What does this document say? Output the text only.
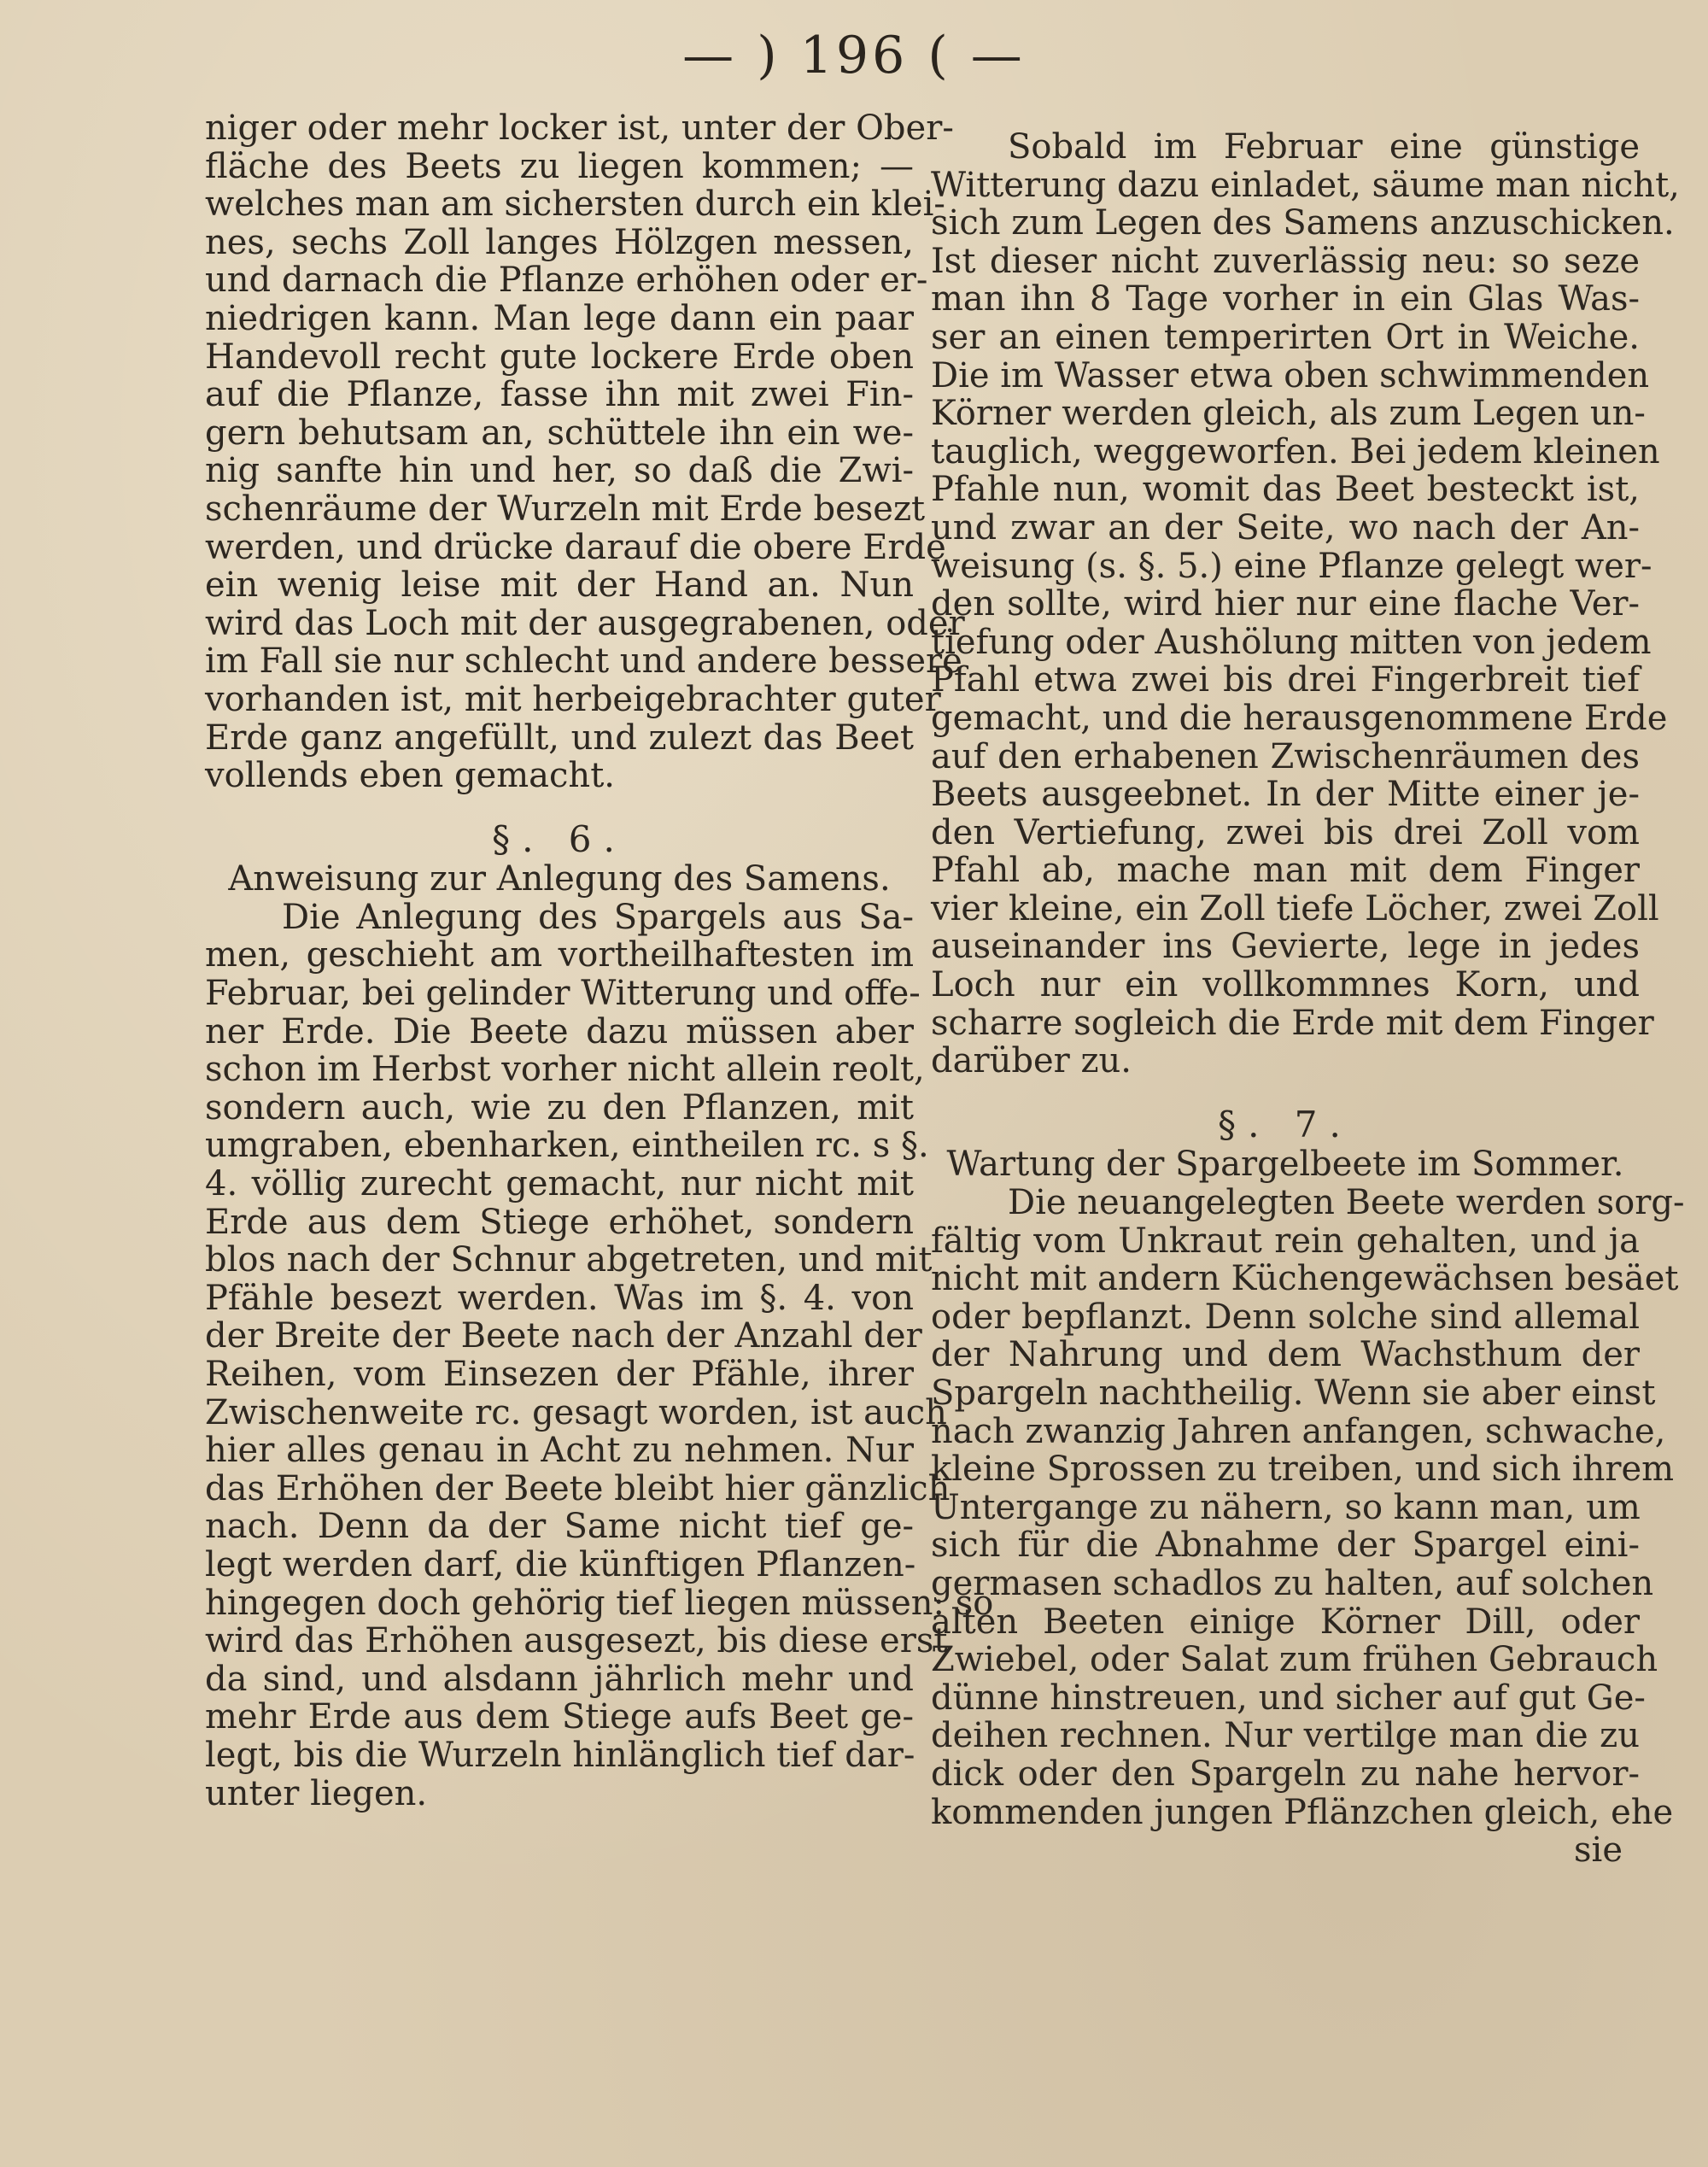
— ) 196 ( —
niger oder mehr locker ist, unter der Ober-
fläche des Beets zu liegen kommen; —
welches man am sichersten durch ein klei-
nes, sechs Zoll langes Hölzgen messen,
und darnach die Pflanze erhöhen oder er-
niedrigen kann. Man lege dann ein paar
Handevoll recht gute lockere Erde oben
auf die Pflanze, fasse ihn mit zwei Fin-
gern behutsam an, schüttele ihn ein we-
nig sanfte hin und her, so daß die Zwi-
schenräume der Wurzeln mit Erde besezt
werden, und drücke darauf die obere Erde
ein wenig leise mit der Hand an. Nun
wird das Loch mit der ausgegrabenen, oder
im Fall sie nur schlecht und andere bessere
vorhanden ist, mit herbeigebrachter guter
Erde ganz angefüllt, und zulezt das Beet
vollends eben gemacht.
§. 6.
Anweisung zur Anlegung des Samens.
Die Anlegung des Spargels aus Sa-
men, geschieht am vortheilhaftesten im
Februar, bei gelinder Witterung und offe-
ner Erde. Die Beete dazu müssen aber
schon im Herbst vorher nicht allein reolt,
sondern auch, wie zu den Pflanzen, mit
umgraben, ebenharken, eintheilen rc. s §.
4. völlig zurecht gemacht, nur nicht mit
Erde aus dem Stiege erhöhet, sondern
blos nach der Schnur abgetreten, und mit
Pfähle besezt werden. Was im §. 4. von
der Breite der Beete nach der Anzahl der
Reihen, vom Einsezen der Pfähle, ihrer
Zwischenweite rc. gesagt worden, ist auch
hier alles genau in Acht zu nehmen. Nur
das Erhöhen der Beete bleibt hier gänzlich
nach. Denn da der Same nicht tief ge-
legt werden darf, die künftigen Pflanzen-
hingegen doch gehörig tief liegen müssen: so
wird das Erhöhen ausgesezt, bis diese erst
da sind, und alsdann jährlich mehr und
mehr Erde aus dem Stiege aufs Beet ge-
legt, bis die Wurzeln hinlänglich tief dar-
unter liegen.
Sobald im Februar eine günstige
Witterung dazu einladet, säume man nicht,
sich zum Legen des Samens anzuschicken.
Ist dieser nicht zuverlässig neu: so seze
man ihn 8 Tage vorher in ein Glas Was-
ser an einen temperirten Ort in Weiche.
Die im Wasser etwa oben schwimmenden
Körner werden gleich, als zum Legen un-
tauglich, weggeworfen. Bei jedem kleinen
Pfahle nun, womit das Beet besteckt ist,
und zwar an der Seite, wo nach der An-
weisung (s. §. 5.) eine Pflanze gelegt wer-
den sollte, wird hier nur eine flache Ver-
tiefung oder Aushölung mitten von jedem
Pfahl etwa zwei bis drei Fingerbreit tief
gemacht, und die herausgenommene Erde
auf den erhabenen Zwischenräumen des
Beets ausgeebnet. In der Mitte einer je-
den Vertiefung, zwei bis drei Zoll vom
Pfahl ab, mache man mit dem Finger
vier kleine, ein Zoll tiefe Löcher, zwei Zoll
auseinander ins Gevierte, lege in jedes
Loch nur ein vollkommnes Korn, und
scharre sogleich die Erde mit dem Finger
darüber zu.
§. 7.
Wartung der Spargelbeete im Sommer.
Die neuangelegten Beete werden sorg-
fältig vom Unkraut rein gehalten, und ja
nicht mit andern Küchengewächsen besäet
oder bepflanzt. Denn solche sind allemal
der Nahrung und dem Wachsthum der
Spargeln nachtheilig. Wenn sie aber einst
nach zwanzig Jahren anfangen, schwache,
kleine Sprossen zu treiben, und sich ihrem
Untergange zu nähern, so kann man, um
sich für die Abnahme der Spargel eini-
germasen schadlos zu halten, auf solchen
alten Beeten einige Körner Dill, oder
Zwiebel, oder Salat zum frühen Gebrauch
dünne hinstreuen, und sicher auf gut Ge-
deihen rechnen. Nur vertilge man die zu
dick oder den Spargeln zu nahe hervor-
kommenden jungen Pflänzchen gleich, ehe
sie
